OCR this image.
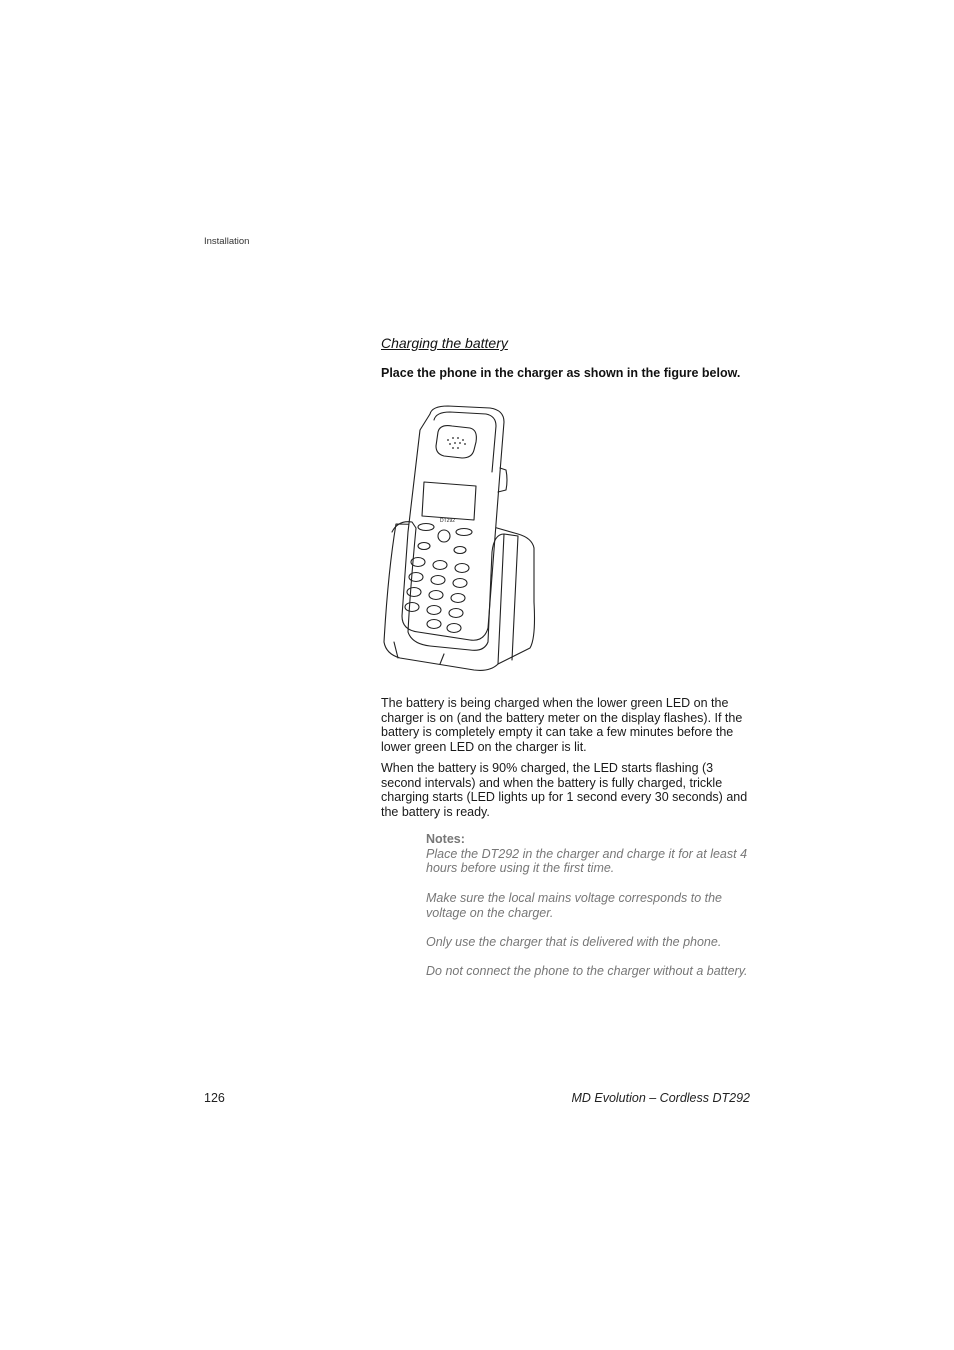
Installation
Charging the battery
Place the phone in the charger as shown in the figure below.
DT292
The battery is being charged when the lower green LED on the charger is on (and the battery meter on the display flashes). If the battery is completely empty it can take a few minutes before the lower green LED on the charger is lit.
When the battery is 90% charged, the LED starts flashing (3 second intervals) and when the battery is fully charged, trickle charging starts (LED lights up for 1 second every 30 seconds) and the battery is ready.
Notes:
Place the DT292 in the charger and charge it for at least 4 hours before using it the first time.
Make sure the local mains voltage corresponds to the voltage on the charger.
Only use the charger that is delivered with the phone.
Do not connect the phone to the charger without a battery.
126	MD Evolution – Cordless DT292
